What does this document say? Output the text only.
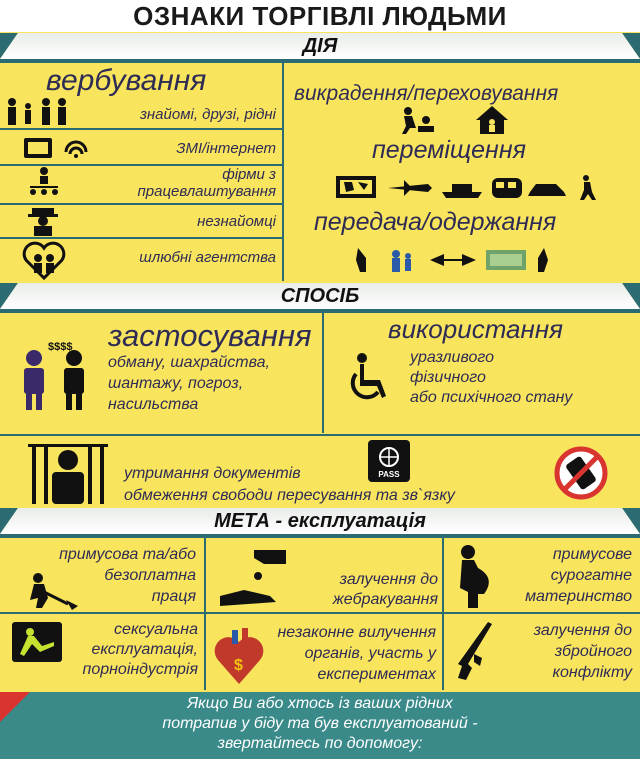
ОЗНАКИ ТОРГІВЛІ ЛЮДЬМИ
ДІЯ
вербування
знайомі, друзі, рідні
ЗМІ/інтернет
фірми з
працевлаштування
незнайомці
шлюбні агентства
викрадення/переховування
переміщення
передача/одержання
СПОСІБ
$$$$ застосування
обману, шахрайства,
шантажу, погроз,
насильства
використання
уразливого
фізичного
або психічного стану
утримання документів
обмеження свободи пересування та зв`язку
PASS
МЕТА - експлуатація
примусова та/або
безоплатна
праця
залучення до
жебракування
примусове
сурогатне
материнство
сексуальна
експлуатація,
порноіндустрія $
незаконне вилучення
органів, участь у
експериментах
залучення до
збройного
конфлікту
Якщо Ви або хтось із ваших рідних
потрапив у біду та був експлуатований -
звертайтесь по допомогу:
